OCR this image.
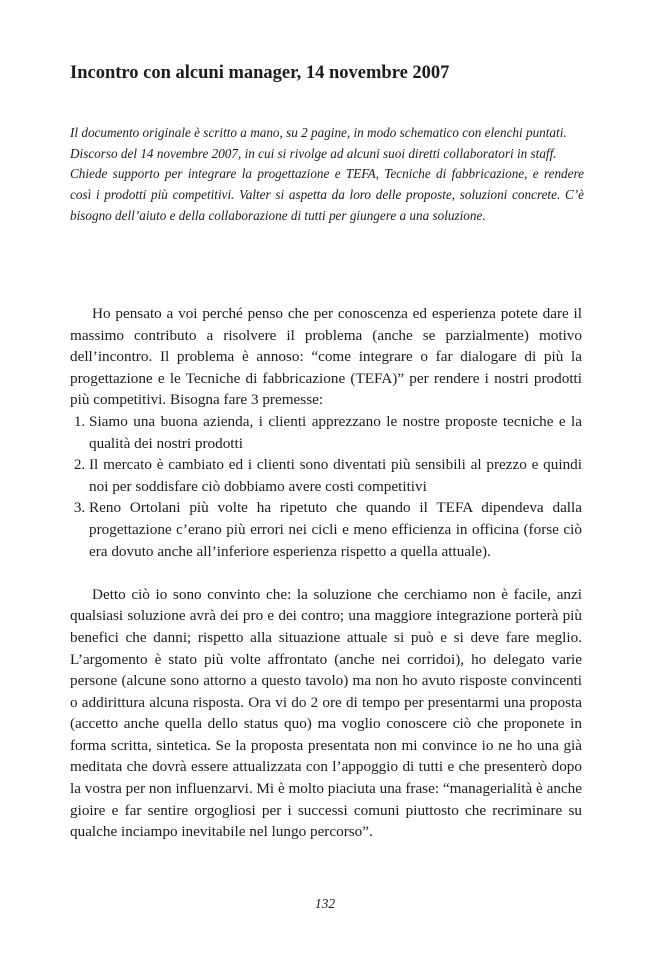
Incontro con alcuni manager, 14 novembre 2007

Il documento originale è scritto a mano, su 2 pagine, in modo schematico con elenchi puntati.

Discorso del 14 novembre 2007, in cui si rivolge ad alcuni suoi diretti collaboratori in staff.

Chiede supporto per integrare la progettazione e TEFA, Tecniche di fabbricazione, e rendere così i prodotti più competitivi. Valter si aspetta da loro delle proposte, soluzioni concrete. C’è bisogno dell’aiuto e della collaborazione di tutti per giungere a una soluzione.

Ho pensato a voi perché penso che per conoscenza ed esperienza potete dare il massimo contributo a risolvere il problema (anche se parzialmente) motivo dell’incontro. Il problema è annoso: “come integrare o far dialogare di più la progettazione e le Tecniche di fabbricazione (TEFA)” per rendere i nostri prodotti più competitivi. Bisogna fare 3 premesse:

1. Siamo una buona azienda, i clienti apprezzano le nostre proposte tecniche e la qualità dei nostri prodotti
2. Il mercato è cambiato ed i clienti sono diventati più sensibili al prezzo e quindi noi per soddisfare ciò dobbiamo avere costi competitivi
3. Reno Ortolani più volte ha ripetuto che quando il TEFA dipendeva dalla progettazione c’erano più errori nei cicli e meno efficienza in officina (forse ciò era dovuto anche all’inferiore esperienza rispetto a quella attuale).

Detto ciò io sono convinto che: la soluzione che cerchiamo non è facile, anzi qualsiasi soluzione avrà dei pro e dei contro; una maggiore integrazione porterà più benefici che danni; rispetto alla situazione attuale si può e si deve fare meglio. L’argomento è stato più volte affrontato (anche nei corridoi), ho delegato varie persone (alcune sono attorno a questo tavolo) ma non ho avuto risposte convincenti o addirittura alcuna risposta. Ora vi do 2 ore di tempo per presentarmi una proposta (accetto anche quella dello status quo) ma voglio conoscere ciò che proponete in forma scritta, sintetica. Se la proposta presentata non mi convince io ne ho una già meditata che dovrà essere attualizzata con l’appoggio di tutti e che presenterò dopo la vostra per non influenzarvi. Mi è molto piaciuta una frase: “managerialità è anche gioire e far sentire orgogliosi per i successi comuni piuttosto che recriminare su qualche inciampo inevitabile nel lungo percorso”.

132
